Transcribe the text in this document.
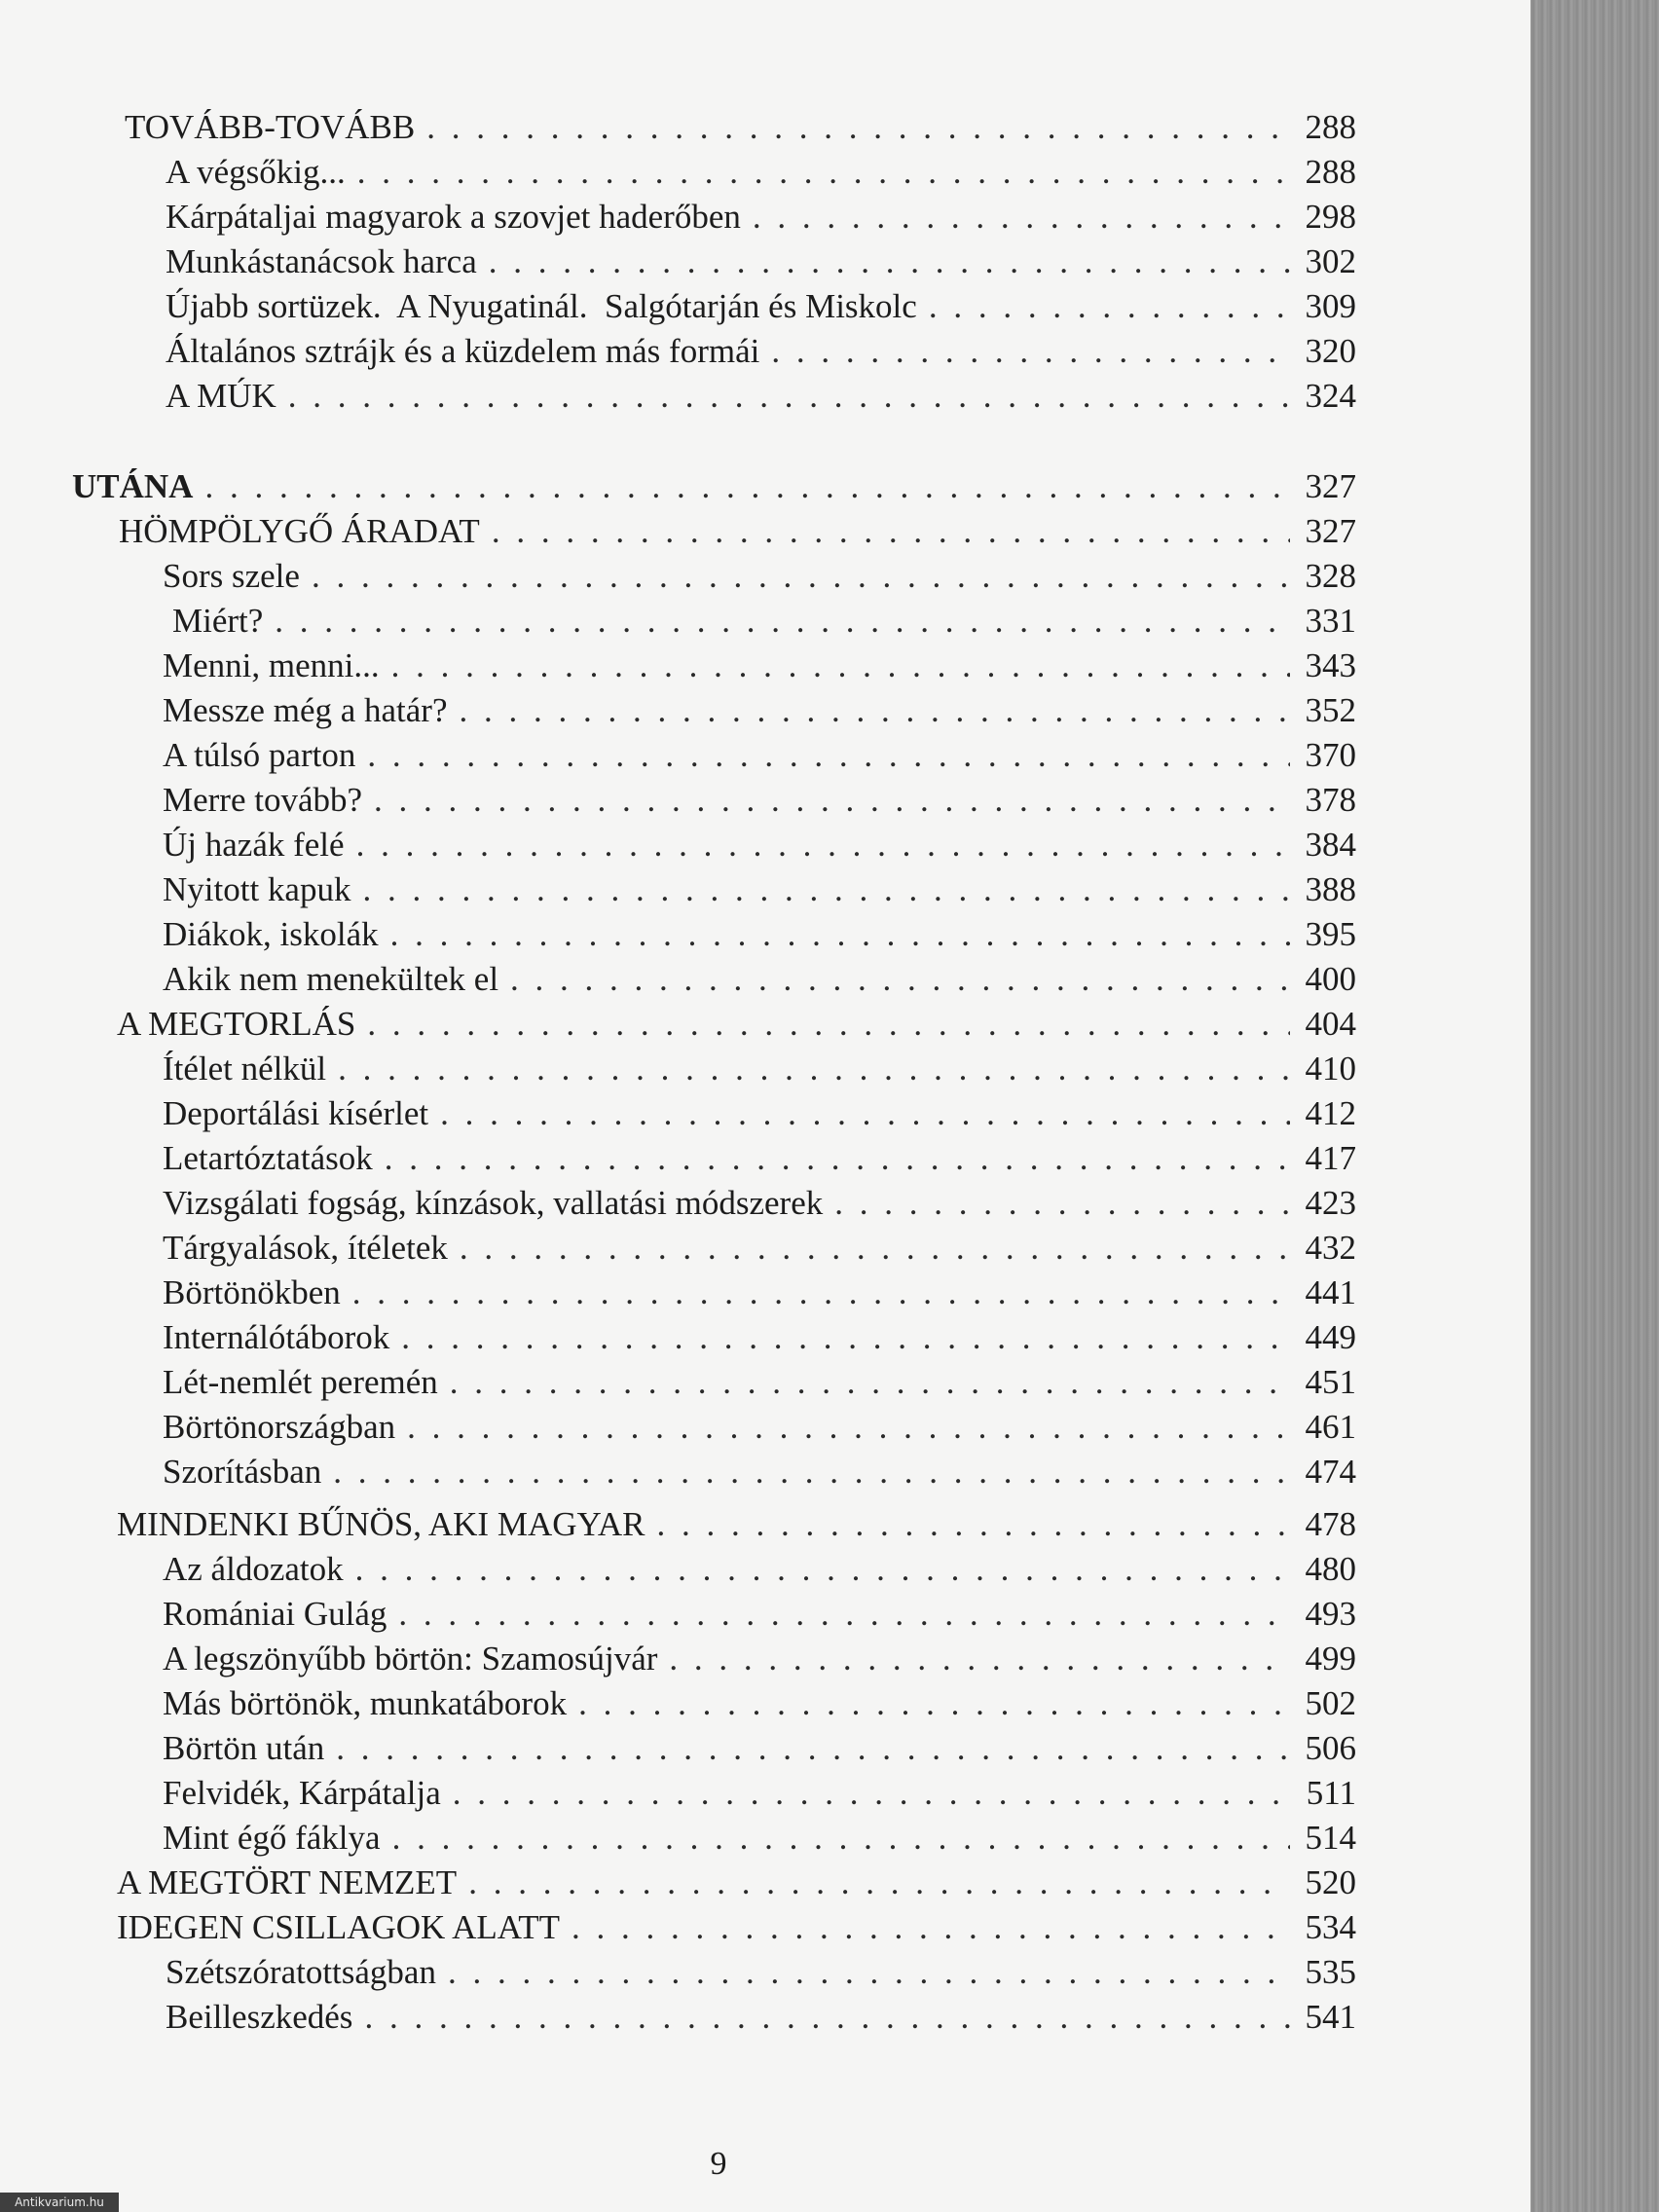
TOVÁBB-TOVÁBB . . .	288
A végsőkig... . . .	288
Kárpátaljai magyarok a szovjet haderőben . . .	298
Munkástanácsok harca . . .	302
Újabb sortüzek.  A Nyugatinál.  Salgótarján és Miskolc . . .	309
Általános sztrájk és a küzdelem más formái . . .	320
A MÚK . . .	324
UTÁNA . . .	327
HÖMPÖLYGŐ ÁRADAT . . .	327
Sors szele . . .	328
Miért? . . .	331
Menni, menni... . . .	343
Messze még a határ? . . .	352
A túlsó parton . . .	370
Merre tovább? . . .	378
Új hazák felé . . .	384
Nyitott kapuk . . .	388
Diákok, iskolák . . .	395
Akik nem menekültek el . . .	400
A MEGTORLÁS . . .	404
Ítélet nélkül . . .	410
Deportálási kísérlet . . .	412
Letartóztatások . . .	417
Vizsgálati fogság, kínzások, vallatási módszerek . . .	423
Tárgyalások, ítéletek . . .	432
Börtönökben . . .	441
Internálótáborok . . .	449
Lét-nemlét peremén . . .	451
Börtönországban . . .	461
Szorításban . . .	474
MINDENKI BŰNÖS, AKI MAGYAR . . .	478
Az áldozatok . . .	480
Romániai Gulág . . .	493
A legszönyűbb börtön: Szamosújvár . . .	499
Más börtönök, munkatáborok . . .	502
Börtön után . . .	506
Felvidék, Kárpátalja . . .	511
Mint égő fáklya . . .	514
A MEGTÖRT NEMZET . . .	520
IDEGEN CSILLAGOK ALATT . . .	534
Szétszóratottságban . . .	535
Beilleszkedés . . .	541
9
Antikvarium.hu
